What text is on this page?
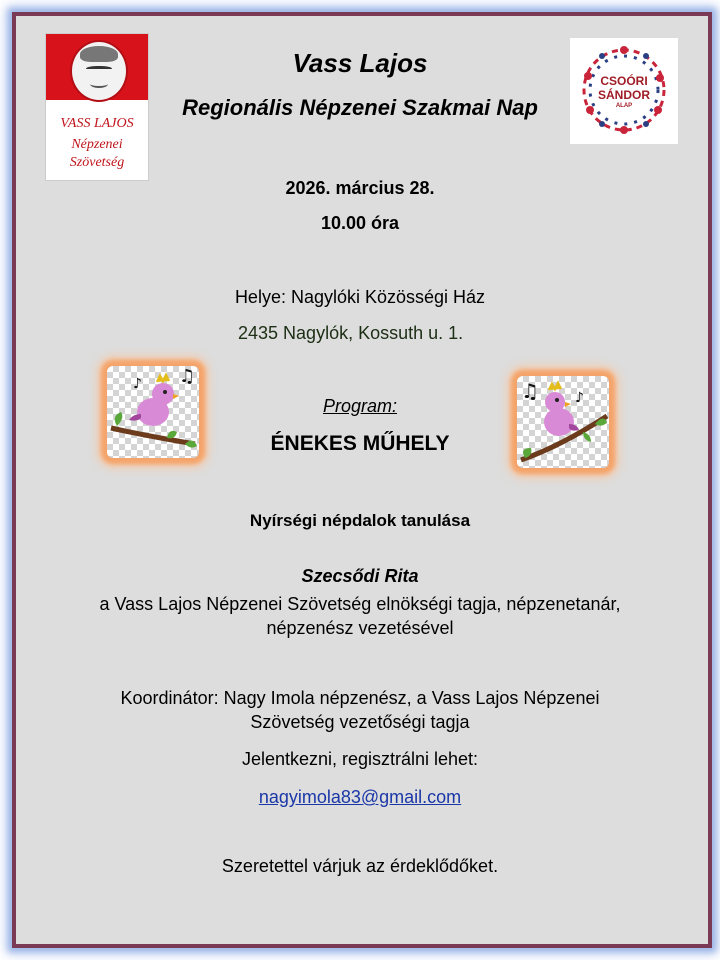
VASS LAJOS
Népzenei
Szövetség
CSOÓRI
SÁNDOR
ALAP
Vass Lajos
Regionális Népzenei Szakmai Nap
2026. március 28.
10.00 óra
Helye: Nagylóki Közösségi Ház
2435 Nagylók, Kossuth u. 1.
♪ ♫
♫	♪
Program:
ÉNEKES MŰHELY
Nyírségi népdalok tanulása
Szecsődi Rita
a Vass Lajos Népzenei Szövetség elnökségi tagja, népzenetanár,
népzenész vezetésével
Koordinátor: Nagy Imola népzenész, a Vass Lajos Népzenei
Szövetség vezetőségi tagja
Jelentkezni, regisztrálni lehet:
nagyimola83@gmail.com
Szeretettel várjuk az érdeklődőket.
